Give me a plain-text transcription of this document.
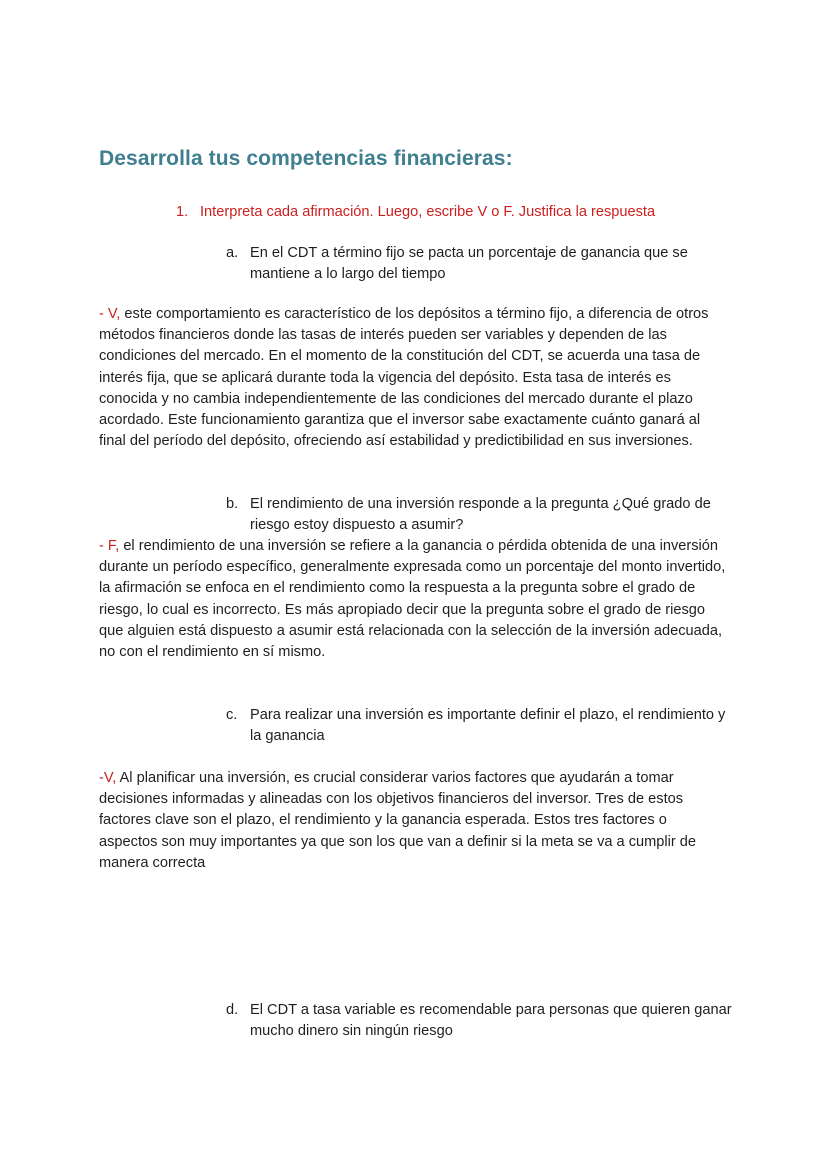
Desarrolla tus competencias financieras:
1. Interpreta cada afirmación. Luego, escribe V o F. Justifica la respuesta
a. En el CDT a término fijo se pacta un porcentaje de ganancia que se mantiene a lo largo del tiempo

- V, este comportamiento es característico de los depósitos a término fijo, a diferencia de otros métodos financieros donde las tasas de interés pueden ser variables y dependen de las condiciones del mercado. En el momento de la constitución del CDT, se acuerda una tasa de interés fija, que se aplicará durante toda la vigencia del depósito. Esta tasa de interés es conocida y no cambia independientemente de las condiciones del mercado durante el plazo acordado. Este funcionamiento garantiza que el inversor sabe exactamente cuánto ganará al final del período del depósito, ofreciendo así estabilidad y predictibilidad en sus inversiones.

b. El rendimiento de una inversión responde a la pregunta ¿Qué grado de riesgo estoy dispuesto a asumir?

- F, el rendimiento de una inversión se refiere a la ganancia o pérdida obtenida de una inversión durante un período específico, generalmente expresada como un porcentaje del monto invertido, la afirmación se enfoca en el rendimiento como la respuesta a la pregunta sobre el grado de riesgo, lo cual es incorrecto. Es más apropiado decir que la pregunta sobre el grado de riesgo que alguien está dispuesto a asumir está relacionada con la selección de la inversión adecuada, no con el rendimiento en sí mismo.

c. Para realizar una inversión es importante definir el plazo, el rendimiento y la ganancia

-V, Al planificar una inversión, es crucial considerar varios factores que ayudarán a tomar decisiones informadas y alineadas con los objetivos financieros del inversor. Tres de estos factores clave son el plazo, el rendimiento y la ganancia esperada. Estos tres factores o aspectos son muy importantes ya que son los que van a definir si la meta se va a cumplir de manera correcta

d. El CDT a tasa variable es recomendable para personas que quieren ganar mucho dinero sin ningún riesgo
